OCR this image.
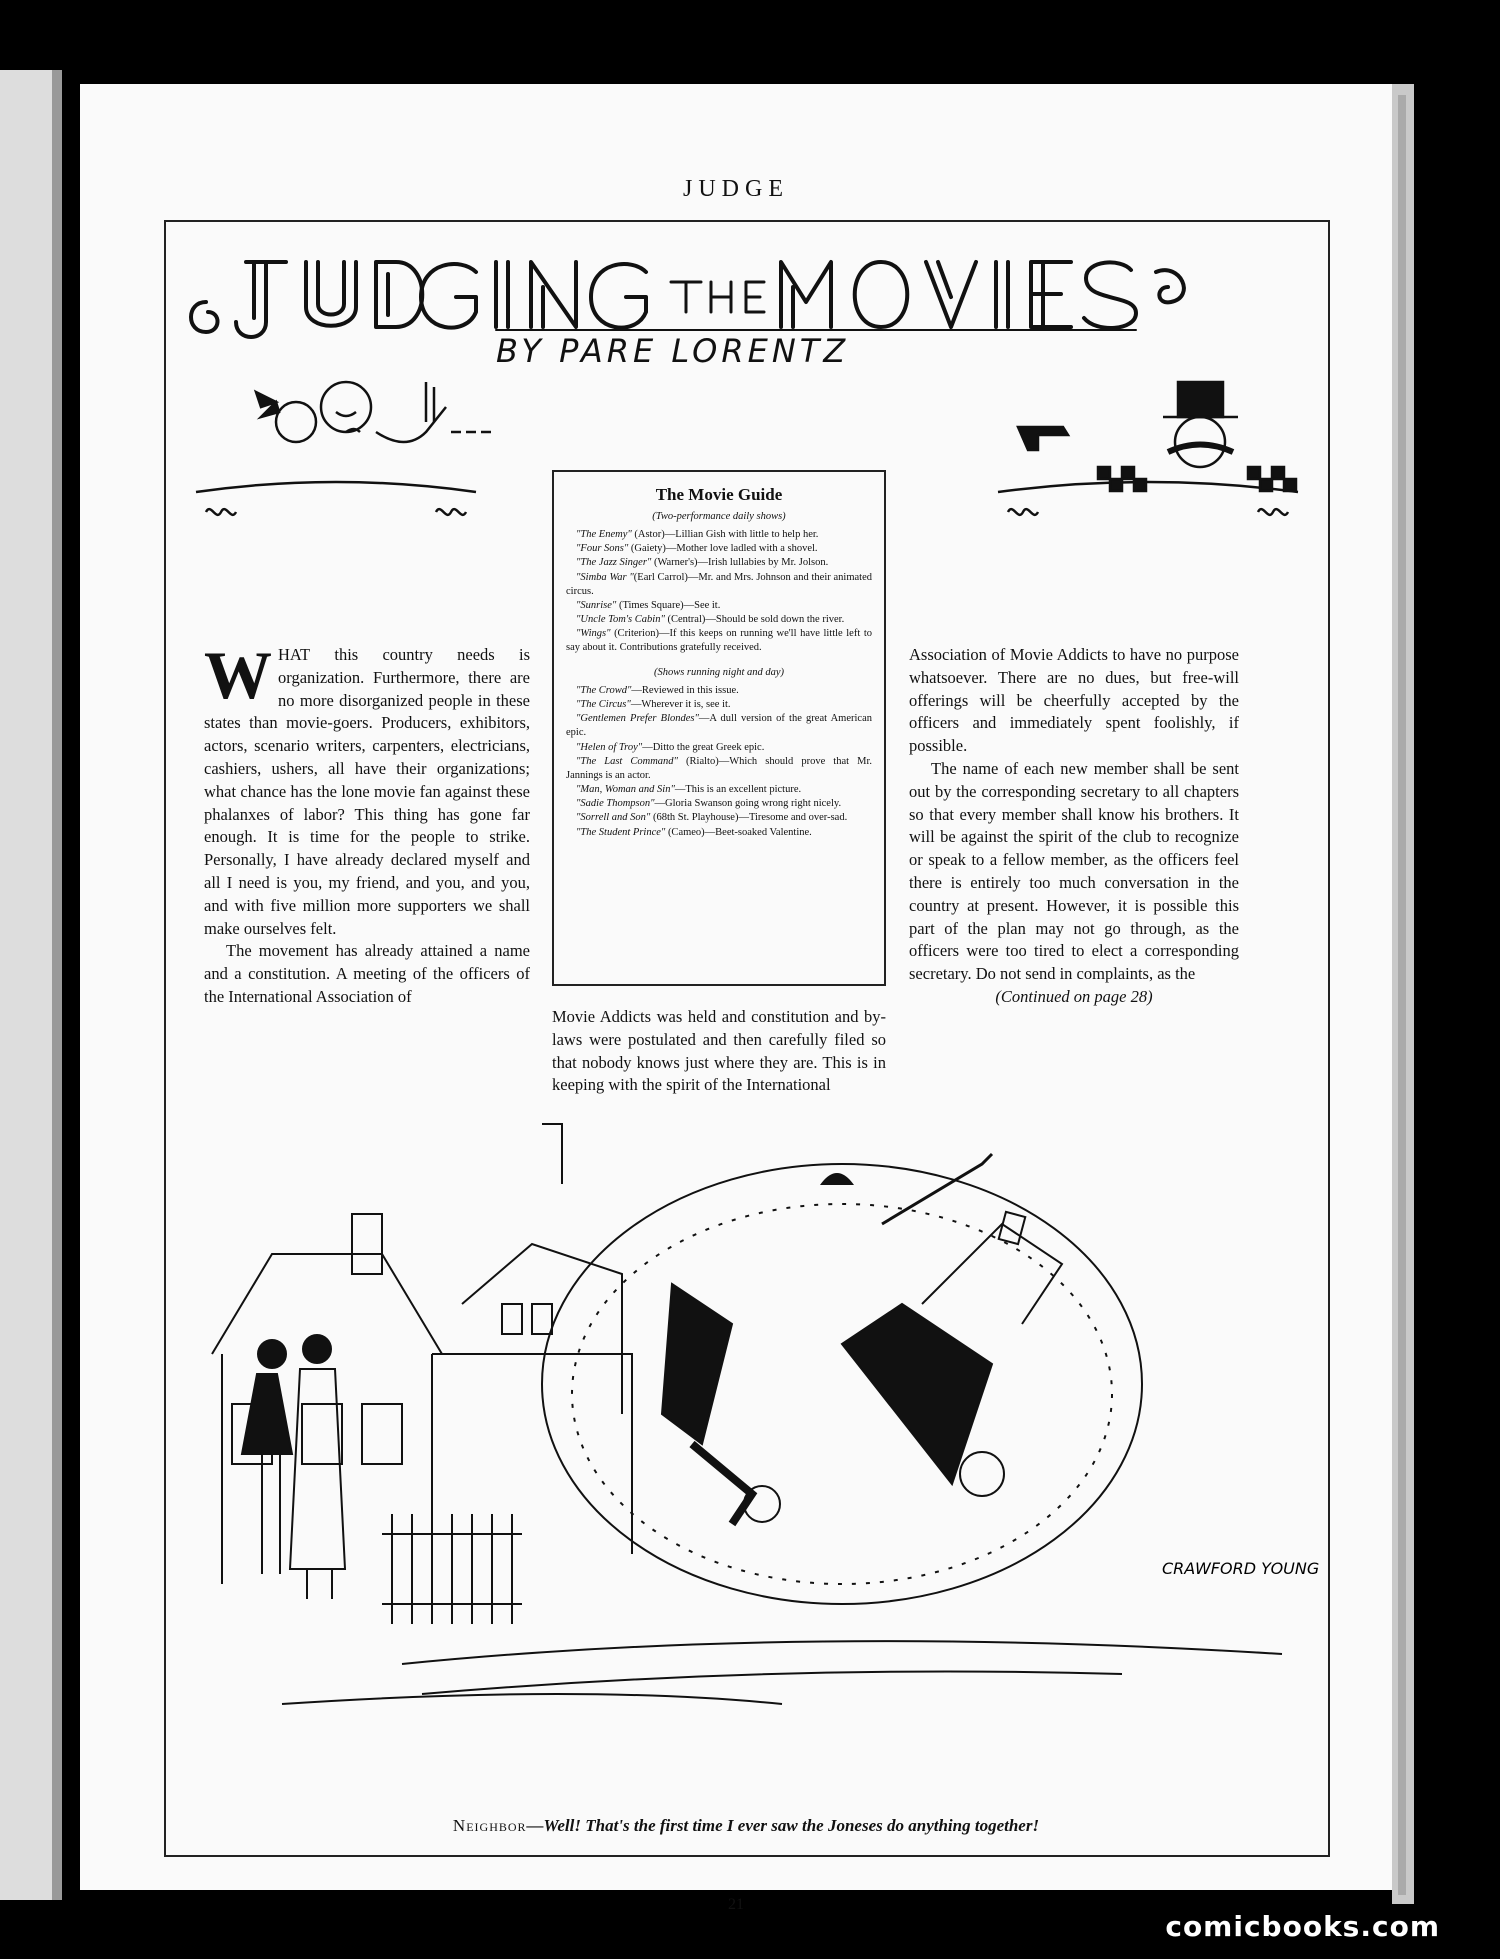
JUDGE
BY PARE LORENTZ
The Movie Guide
(Two-performance daily shows)

"The Enemy" (Astor)—Lillian Gish with little to help her.

"Four Sons" (Gaiety)—Mother love ladled with a shovel.

"The Jazz Singer" (Warner's)—Irish lullabies by Mr. Jolson.

"Simba War "(Earl Carrol)—Mr. and Mrs. Johnson and their animated circus.

"Sunrise" (Times Square)—See it.

"Uncle Tom's Cabin" (Central)—Should be sold down the river.

"Wings" (Criterion)—If this keeps on running we'll have little left to say about it. Contributions gratefully received.

(Shows running night and day)

"The Crowd"—Reviewed in this issue.

"The Circus"—Wherever it is, see it.

"Gentlemen Prefer Blondes"—A dull version of the great American epic.

"Helen of Troy"—Ditto the great Greek epic.

"The Last Command" (Rialto)—Which should prove that Mr. Jannings is an actor.

"Man, Woman and Sin"—This is an excellent picture.

"Sadie Thompson"—Gloria Swanson going wrong right nicely.

"Sorrell and Son" (68th St. Playhouse)—Tiresome and over-sad.

"The Student Prince" (Cameo)—Beet-soaked Valentine.

WHAT this country needs is organization. Furthermore, there are no more disorganized people in these states than movie-goers. Producers, exhibitors, actors, scenario writers, carpenters, electricians, cashiers, ushers, all have their organizations; what chance has the lone movie fan against these phalanxes of labor? This thing has gone far enough. It is time for the people to strike. Personally, I have already declared myself and all I need is you, my friend, and you, and you, and with five million more supporters we shall make ourselves felt.

The movement has already attained a name and a constitution. A meeting of the officers of the International Association of

Movie Addicts was held and constitution and by-laws were postulated and then carefully filed so that nobody knows just where they are. This is in keeping with the spirit of the International

Association of Movie Addicts to have no purpose whatsoever. There are no dues, but free-will offerings will be cheerfully accepted by the officers and immediately spent foolishly, if possible.

The name of each new member shall be sent out by the corresponding secretary to all chapters so that every member shall know his brothers. It will be against the spirit of the club to recognize or speak to a fellow member, as the officers feel there is entirely too much conversation in the country at present. However, it is possible this part of the plan may not go through, as the officers were too tired to elect a corresponding secretary. Do not send in complaints, as the

(Continued on page 28)

CRAWFORD YOUNG
Neighbor—Well! That's the first time I ever saw the Joneses do anything together!
21
comicbooks.com
